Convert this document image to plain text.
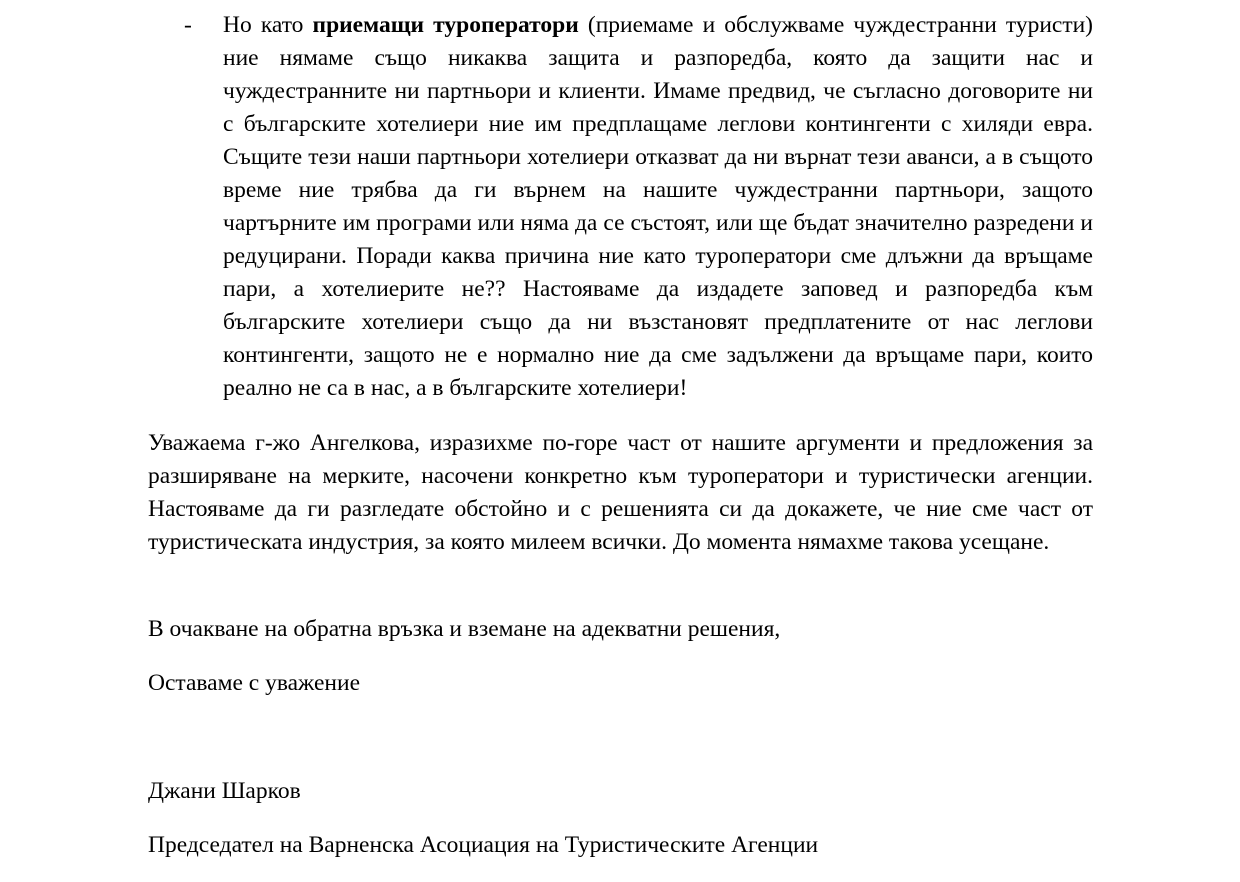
- Но като приемащи туроператори (приемаме и обслужваме чуждестранни туристи) ние нямаме също никаква защита и разпоредба, която да защити нас и чуждестранните ни партньори и клиенти. Имаме предвид, че съгласно договорите ни с българските хотелиери ние им предплащаме леглови контингенти с хиляди евра. Същите тези наши партньори хотелиери отказват да ни върнат тези аванси, а в същото време ние трябва да ги върнем на нашите чуждестранни партньори, защото чартърните им програми или няма да се състоят, или ще бъдат значително разредени и редуцирани. Поради каква причина ние като туроператори сме длъжни да връщаме пари, а хотелиерите не?? Настояваме да издадете заповед и разпоредба към българските хотелиери също да ни възстановят предплатените от нас леглови контингенти, защото не е нормално ние да сме задължени да връщаме пари, които реално не са в нас, а в българските хотелиери!

Уважаема г-жо Ангелкова, изразихме по-горе част от нашите аргументи и предложения за разширяване на мерките, насочени конкретно към туроператори и туристически агенции. Настояваме да ги разгледате обстойно и с решенията си да докажете, че ние сме част от туристическата индустрия, за която милеем всички. До момента нямахме такова усещане.

В очакване на обратна връзка и вземане на адекватни решения,

Оставаме с уважение

Джани Шарков

Председател на Варненска Асоциация на Туристическите Агенции
